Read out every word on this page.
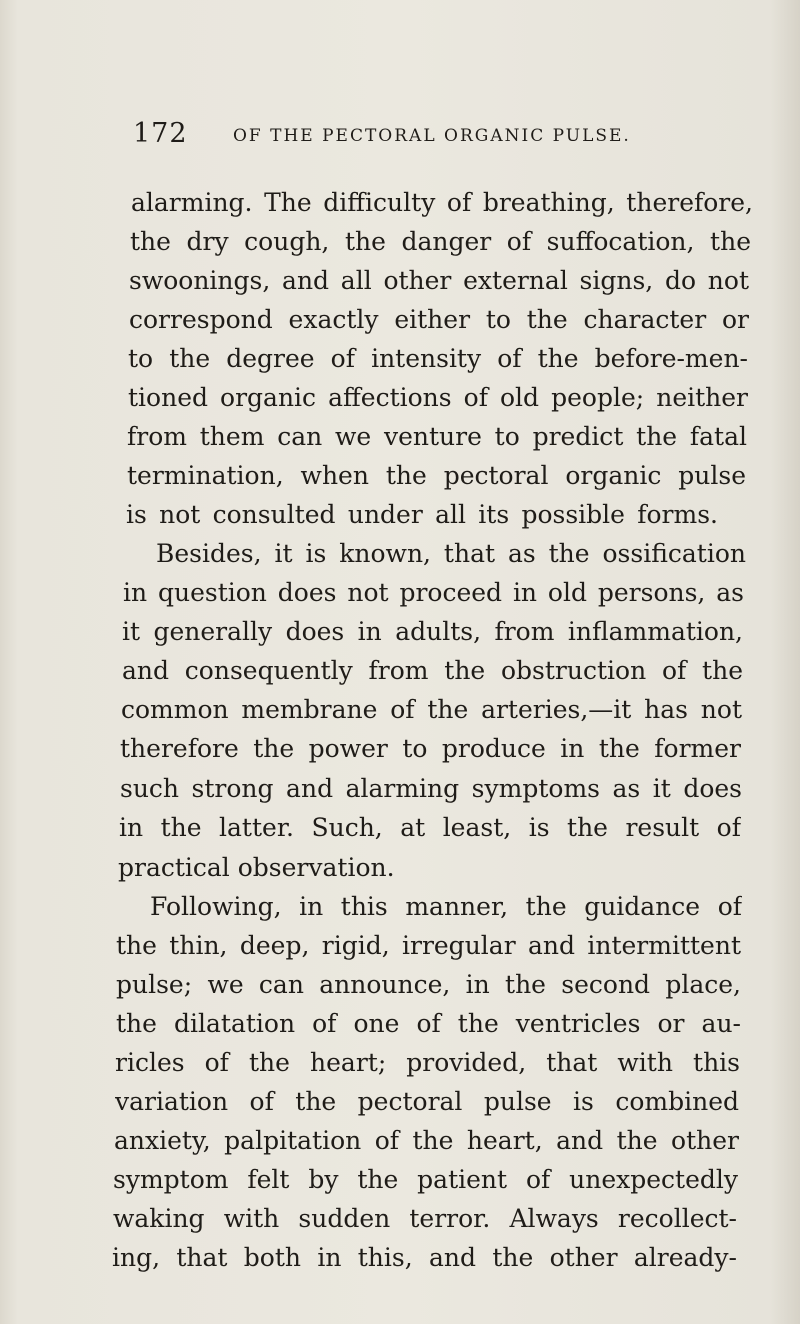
172	OF THE PECTORAL ORGANIC PULSE.
alarming. The difficulty of breathing, therefore,
the dry cough, the danger of suffocation, the
swoonings, and all other external signs, do not
correspond exactly either to the character or
to the degree of intensity of the before-men-
tioned organic affections of old people; neither
from them can we venture to predict the fatal
termination, when the pectoral organic pulse
is not consulted under all its possible forms.
Besides, it is known, that as the ossification
in question does not proceed in old persons, as
it generally does in adults, from inflammation,
and consequently from the obstruction of the
common membrane of the arteries,—it has not
therefore the power to produce in the former
such strong and alarming symptoms as it does
in the latter. Such, at least, is the result of
practical observation.
Following, in this manner, the guidance of
the thin, deep, rigid, irregular and intermittent
pulse; we can announce, in the second place,
the dilatation of one of the ventricles or au-
ricles of the heart; provided, that with this
variation of the pectoral pulse is combined
anxiety, palpitation of the heart, and the other
symptom felt by the patient of unexpectedly
waking with sudden terror. Always recollect-
ing, that both in this, and the other already-
